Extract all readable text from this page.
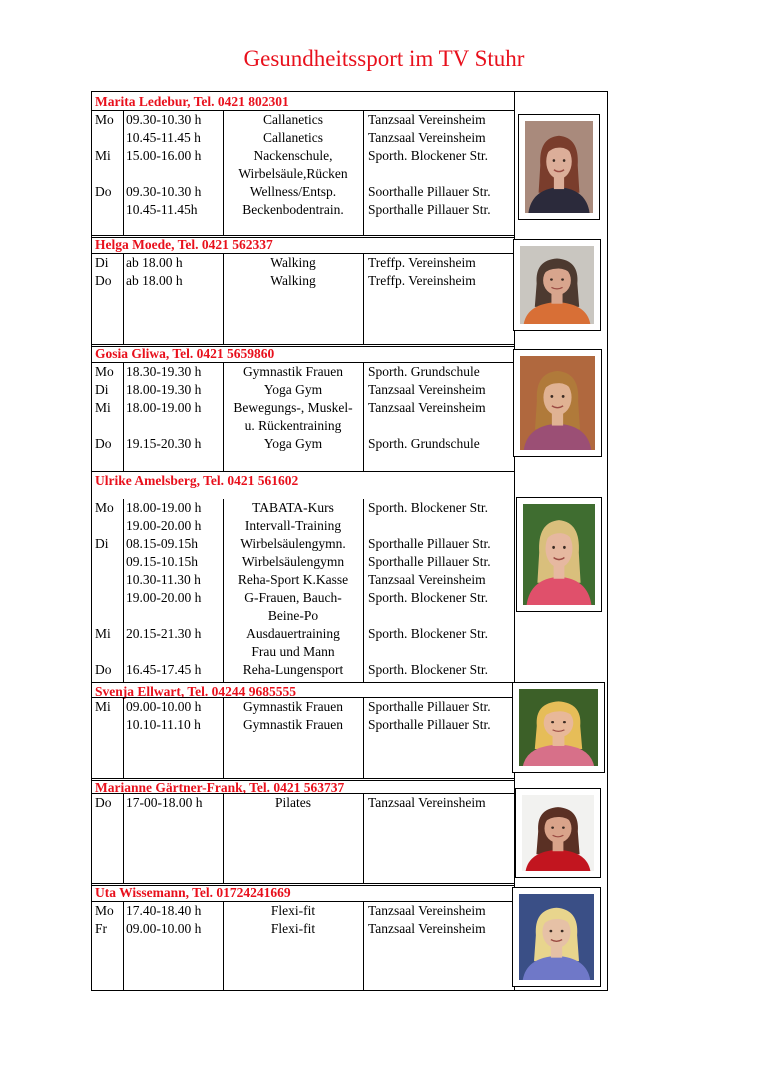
Gesundheitssport im TV Stuhr
Marita Ledebur, Tel. 0421 802301
Mo 09.30-10.30 h	Callanetics	Tanzsaal Vereinsheim
10.45-11.45 h	Callanetics	Tanzsaal Vereinsheim
Mi	15.00-16.00 h	Nackenschule,	Sporth. Blockener Str.
Wirbelsäule,Rücken
Do	09.30-10.30 h	Wellness/Entsp.	Soorthalle Pillauer Str.
10.45-11.45h	Beckenbodentrain.	Sporthalle Pillauer Str.
Helga Moede, Tel. 0421 562337
Di	ab 18.00 h	Walking	Treffp. Vereinsheim
Do	ab 18.00 h	Walking	Treffp. Vereinsheim
Gosia Gliwa, Tel. 0421 5659860
Mo 18.30-19.30 h	Gymnastik Frauen	Sporth. Grundschule
Di	18.00-19.30 h	Yoga Gym	Tanzsaal Vereinsheim
Mi	18.00-19.00 h	Bewegungs-, Muskel-	Tanzsaal Vereinsheim
u. Rückentraining
Do	19.15-20.30 h	Yoga Gym	Sporth. Grundschule
Ulrike Amelsberg, Tel. 0421 561602
Mo 18.00-19.00 h	TABATA-Kurs	Sporth. Blockener Str.
19.00-20.00 h	Intervall-Training
Di	08.15-09.15h	Wirbelsäulengymn.	Sporthalle Pillauer Str.
09.15-10.15h	Wirbelsäulengymn	Sporthalle Pillauer Str.
10.30-11.30 h	Reha-Sport K.Kasse	Tanzsaal Vereinsheim
19.00-20.00 h	G-Frauen, Bauch-	Sporth. Blockener Str.
Beine-Po
Mi	20.15-21.30 h	Ausdauertraining	Sporth. Blockener Str.
Frau und Mann
Do	16.45-17.45 h	Reha-Lungensport	Sporth. Blockener Str.
Svenja Ellwart, Tel. 04244 9685555
Mi	09.00-10.00 h	Gymnastik Frauen	Sporthalle Pillauer Str.
10.10-11.10 h	Gymnastik Frauen	Sporthalle Pillauer Str.
Marianne Gärtner-Frank, Tel. 0421 563737
Do	17-00-18.00 h	Pilates	Tanzsaal Vereinsheim
Uta Wissemann, Tel. 01724241669
Mo 17.40-18.40 h	Flexi-fit	Tanzsaal Vereinsheim
Fr	09.00-10.00 h	Flexi-fit	Tanzsaal Vereinsheim
